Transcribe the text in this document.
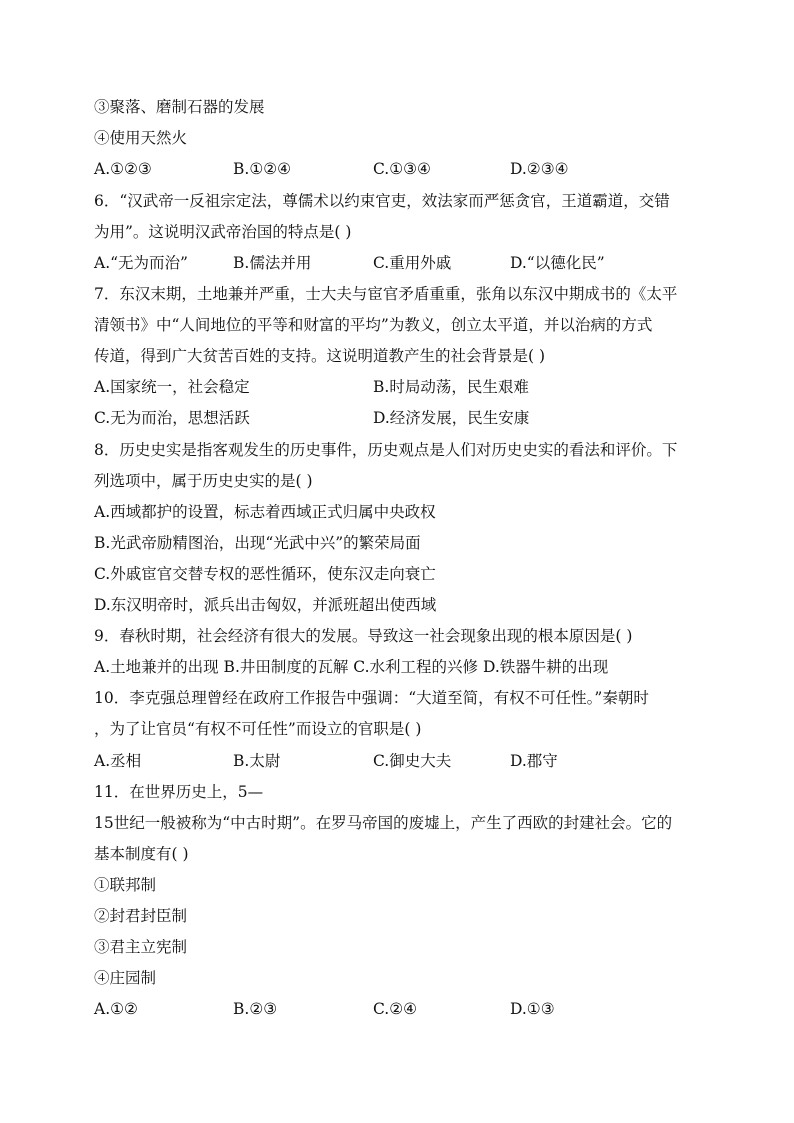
③聚落、磨制石器的发展
④使用天然火
A.①②③	B.①②④	C.①③④	D.②③④
6．“汉武帝一反祖宗定法，尊儒术以约束官吏，效法家而严惩贪官，王道霸道，交错
为用”。这说明汉武帝治国的特点是( )
A.“无为而治”	B.儒法并用	C.重用外戚	D.“以德化民”
7．东汉末期，土地兼并严重，士大夫与宦官矛盾重重，张角以东汉中期成书的《太平
清领书》中“人间地位的平等和财富的平均”为教义，创立太平道，并以治病的方式
传道，得到广大贫苦百姓的支持。这说明道教产生的社会背景是( )
A.国家统一，社会稳定	B.时局动荡，民生艰难
C.无为而治，思想活跃	D.经济发展，民生安康
8．历史史实是指客观发生的历史事件，历史观点是人们对历史史实的看法和评价。下
列选项中，属于历史史实的是( )
A.西域都护的设置，标志着西域正式归属中央政权
B.光武帝励精图治，出现“光武中兴”的繁荣局面
C.外戚宦官交替专权的恶性循环，使东汉走向衰亡
D.东汉明帝时，派兵出击匈奴，并派班超出使西域
9．春秋时期，社会经济有很大的发展。导致这一社会现象出现的根本原因是( )
A.土地兼并的出现 B.井田制度的瓦解 C.水利工程的兴修 D.铁器牛耕的出现
10．李克强总理曾经在政府工作报告中强调：“大道至简，有权不可任性。”秦朝时
，为了让官员“有权不可任性”而设立的官职是( )
A.丞相	B.太尉	C.御史大夫	D.郡守
11．在世界历史上，5—
15世纪一般被称为“中古时期”。在罗马帝国的废墟上，产生了西欧的封建社会。它的
基本制度有( )
①联邦制
②封君封臣制
③君主立宪制
④庄园制
A.①②	B.②③	C.②④	D.①③
